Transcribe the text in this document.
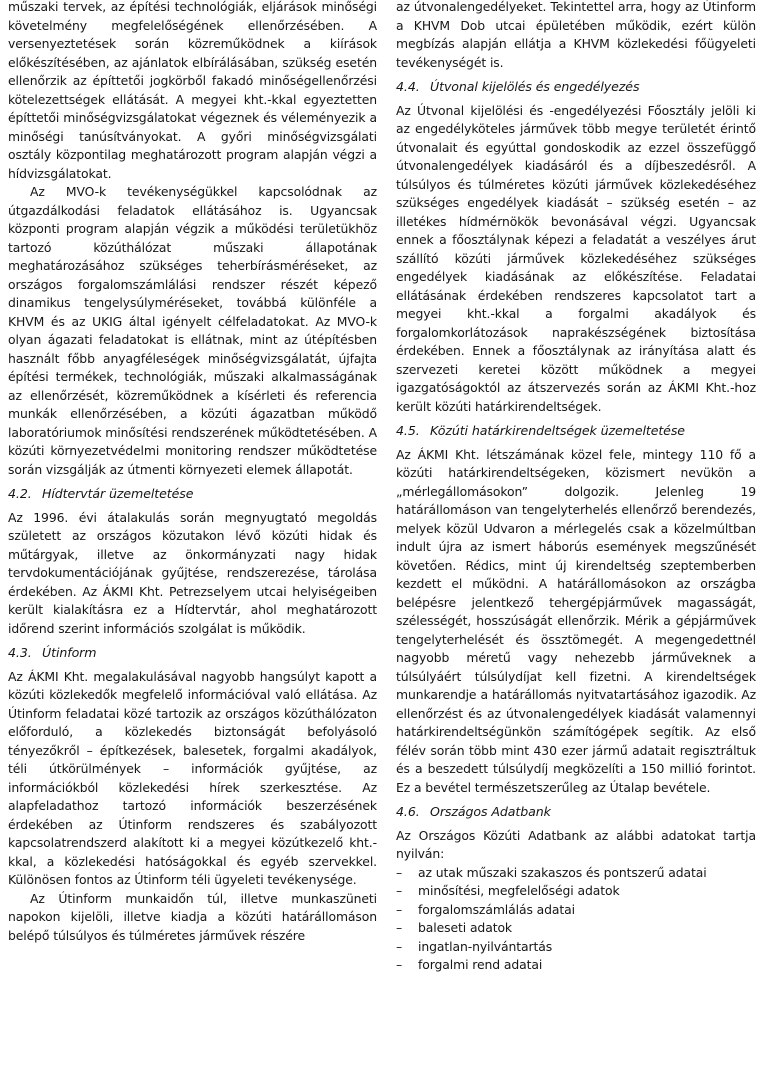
műszaki tervek, az építési technológiák, eljárások minőségi követelmény megfelelőségének ellenőrzésében. A versenyeztetések során közreműködnek a kiírások előkészítésében, az ajánlatok elbírálásában, szükség esetén ellenőrzik az építtetői jogkörből fakadó minőségellenőrzési kötelezettségek ellátását. A megyei kht.-kkal egyeztetten építtetői minőségvizsgálatokat végeznek és véleményezik a minőségi tanúsítványokat. A győri minőségvizsgálati osztály központilag meghatározott program alapján végzi a hídvizsgálatokat.

Az MVO-k tevékenységükkel kapcsolódnak az útgazdálkodási feladatok ellátásához is. Ugyancsak központi program alapján végzik a működési területükhöz tartozó közúthálózat műszaki állapotának meghatározásához szükséges teherbírásméréseket, az országos forgalomszámlálási rendszer részét képező dinamikus tengelysúlyméréseket, továbbá különféle a KHVM és az UKIG által igényelt célfeladatokat. Az MVO-k olyan ágazati feladatokat is ellátnak, mint az útépítésben használt főbb anyagféleségek minőségvizsgálatát, újfajta építési termékek, technológiák, műszaki alkalmasságának az ellenőrzését, közreműködnek a kísérleti és referencia munkák ellenőrzésében, a közúti ágazatban működő laboratóriumok minősítési rendszerének működtetésében. A közúti környezetvédelmi monitoring rendszer működtetése során vizsgálják az útmenti környezeti elemek állapotát.

4.2. Hídtervtár üzemeltetése

Az 1996. évi átalakulás során megnyugtató megoldás született az országos közutakon lévő közúti hidak és műtárgyak, illetve az önkormányzati nagy hidak tervdokumentációjának gyűjtése, rendszerezése, tárolása érdekében. Az ÁKMI Kht. Petrezselyem utcai helyiségeiben került kialakításra ez a Hídtervtár, ahol meghatározott időrend szerint információs szolgálat is működik.

4.3. Útinform

Az ÁKMI Kht. megalakulásával nagyobb hangsúlyt kapott a közúti közlekedők megfelelő információval való ellátása. Az Útinform feladatai közé tartozik az országos közúthálózaton előforduló, a közlekedés biztonságát befolyásoló tényezőkről – építkezések, balesetek, forgalmi akadályok, téli útkörülmények – információk gyűjtése, az információkból közlekedési hírek szerkesztése. Az alapfeladathoz tartozó információk beszerzésének érdekében az Útinform rendszeres és szabályozott kapcsolatrendszerd alakított ki a megyei közútkezelő kht.-kkal, a közlekedési hatóságokkal és egyéb szervekkel. Különösen fontos az Útinform téli ügyeleti tevékenysége.

Az Útinform munkaidőn túl, illetve munkaszüneti napokon kijelöli, illetve kiadja a közúti határállomáson belépő túlsúlyos és túlméretes járművek részére

az útvonalengedélyeket. Tekintettel arra, hogy az Útinform a KHVM Dob utcai épületében működik, ezért külön megbízás alapján ellátja a KHVM közlekedési főügyeleti tevékenységét is.

4.4. Útvonal kijelölés és engedélyezés

Az Útvonal kijelölési és -engedélyezési Főosztály jelöli ki az engedélyköteles járművek több megye területét érintő útvonalait és egyúttal gondoskodik az ezzel összefüggő útvonalengedélyek kiadásáról és a díjbeszedésről. A túlsúlyos és túlméretes közúti járművek közlekedéséhez szükséges engedélyek kiadását – szükség esetén – az illetékes hídmérnökök bevonásával végzi. Ugyancsak ennek a főosztálynak képezi a feladatát a veszélyes árut szállító közúti járművek közlekedéséhez szükséges engedélyek kiadásának az előkészítése. Feladatai ellátásának érdekében rendszeres kapcsolatot tart a megyei kht.-kkal a forgalmi akadályok és forgalomkorlátozások naprakészségének biztosítása érdekében. Ennek a főosztálynak az irányítása alatt és szervezeti keretei között működnek a megyei igazgatóságoktól az átszervezés során az ÁKMI Kht.-hoz került közúti határkirendeltségek.

4.5. Közúti határkirendeltségek üzemeltetése

Az ÁKMI Kht. létszámának közel fele, mintegy 110 fő a közúti határkirendeltségeken, közismert nevükön a „mérlegállomásokon” dolgozik. Jelenleg 19 határállomáson van tengelyterhelés ellenőrző berendezés, melyek közül Udvaron a mérlegelés csak a közelmúltban indult újra az ismert háborús események megszűnését követően. Rédics, mint új kirendeltség szeptemberben kezdett el működni. A határállomásokon az országba belépésre jelentkező tehergépjárművek magasságát, szélességét, hosszúságát ellenőrzik. Mérik a gépjárművek tengelyterhelését és össztömegét. A megengedettnél nagyobb méretű vagy nehezebb járműveknek a túlsúlyáért túlsúlydíjat kell fizetni. A kirendeltségek munkarendje a határállomás nyitvatartásához igazodik. Az ellenőrzést és az útvonalengedélyek kiadását valamennyi határkirendeltségünkön számítógépek segítik. Az első félév során több mint 430 ezer jármű adatait regisztráltuk és a beszedett túlsúlydíj megközelíti a 150 millió forintot. Ez a bevétel természetszerűleg az Útalap bevétele.

4.6. Országos Adatbank

Az Országos Közúti Adatbank az alábbi adatokat tartja nyilván:

– az utak műszaki szakaszos és pontszerű adatai
– minősítési, megfelelőségi adatok
– forgalomszámlálás adatai
– baleseti adatok
– ingatlan-nyilvántartás
– forgalmi rend adatai
